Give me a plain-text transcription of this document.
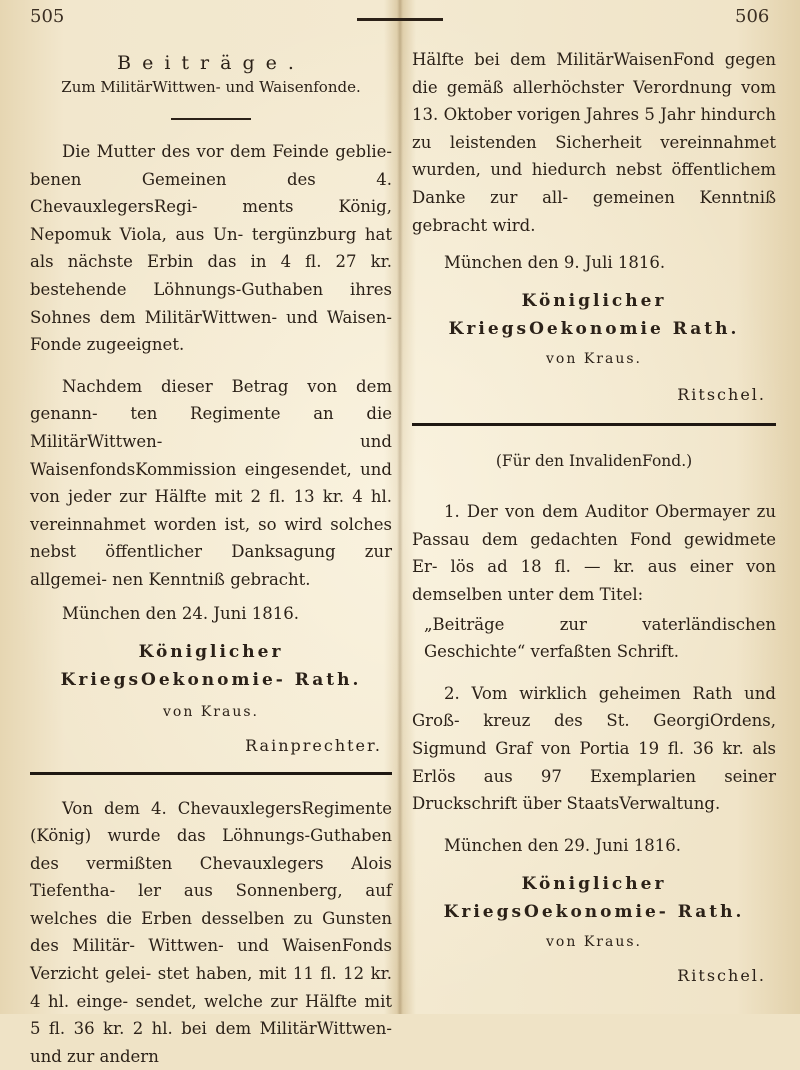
505	506

Beiträge.

Zum MilitärWittwen- und Waisenfonde.

Die Mutter des vor dem Feinde geblie- benen Gemeinen des 4. ChevauxlegersRegi- ments König, Nepomuk Viola, aus Un- tergünzburg hat als nächste Erbin das in 4 fl. 27 kr. bestehende Löhnungs-Guthaben ihres Sohnes dem MilitärWittwen- und Waisen- Fonde zugeeignet.

Nachdem dieser Betrag von dem genann- ten Regimente an die MilitärWittwen- und WaisenfondsKommission eingesendet, und von jeder zur Hälfte mit 2 fl. 13 kr. 4 hl. vereinnahmet worden ist, so wird solches nebst öffentlicher Danksagung zur allgemei- nen Kenntniß gebracht.

München den 24. Juni 1816.

Königlicher KriegsOekonomie- Rath.

von Kraus.

Rainprechter.

Von dem 4. ChevauxlegersRegimente (König) wurde das Löhnungs-Guthaben des vermißten Chevauxlegers Alois Tiefentha- ler aus Sonnenberg, auf welches die Erben desselben zu Gunsten des Militär- Wittwen- und WaisenFonds Verzicht gelei- stet haben, mit 11 fl. 12 kr. 4 hl. einge- sendet, welche zur Hälfte mit 5 fl. 36 kr. 2 hl. bei dem MilitärWittwen- und zur andern

Hälfte bei dem MilitärWaisenFond gegen die gemäß allerhöchster Verordnung vom 13. Oktober vorigen Jahres 5 Jahr hindurch zu leistenden Sicherheit vereinnahmet wurden, und hiedurch nebst öffentlichem Danke zur all- gemeinen Kenntniß gebracht wird.

München den 9. Juli 1816.

Königlicher KriegsOekonomie Rath.

von Kraus.

Ritschel.

(Für den InvalidenFond.)

1. Der von dem Auditor Obermayer zu Passau dem gedachten Fond gewidmete Er- lös ad 18 fl. — kr. aus einer von demselben unter dem Titel:

„Beiträge zur vaterländischen Geschichte“ verfaßten Schrift.

2. Vom wirklich geheimen Rath und Groß- kreuz des St. GeorgiOrdens, Sigmund Graf von Portia 19 fl. 36 kr. als Erlös aus 97 Exemplarien seiner Druckschrift über StaatsVerwaltung.

München den 29. Juni 1816.

Königlicher KriegsOekonomie- Rath.

von Kraus.

Ritschel.
